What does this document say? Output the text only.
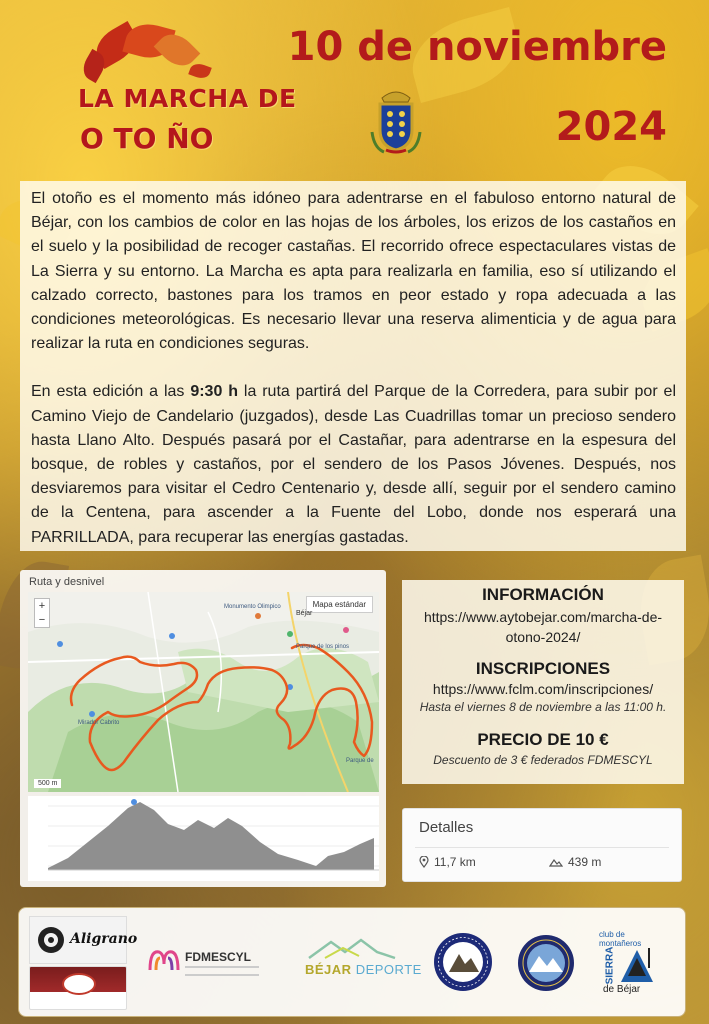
LA MARCHA DE
O TO ÑO
10 de noviembre
2024

El otoño es el momento más idóneo para adentrarse en el fabuloso entorno natural de Béjar, con los cambios de color en las hojas de los árboles, los erizos de los castaños en el suelo y la posibilidad de recoger castañas. El recorrido ofrece espectaculares vistas de La Sierra y su entorno. La Marcha es apta para realizarla en familia, eso sí utilizando el calzado correcto, bastones para los tramos en peor estado y ropa adecuada a las condiciones meteorológicas. Es necesario llevar una reserva alimenticia y de agua para realizar la ruta en condiciones seguras.

En esta edición a las 9:30 h la ruta partirá del Parque de la Corredera, para subir por el Camino Viejo de Candelario (juzgados), desde Las Cuadrillas tomar un precioso sendero hasta Llano Alto. Después pasará por el Castañar, para adentrarse en la espesura del bosque, de robles y castaños, por el sendero de los Pasos Jóvenes. Después, nos desviaremos para visitar el Cedro Centenario y, desde allí, seguir por el sendero camino de la Centena, para ascender a la Fuente del Lobo, donde nos esperará una PARRILLADA, para recuperar las energías gastadas.

Ruta y desnivel
+
−
Mapa estándar
500 m
Béjar
Monumento Olimpico
Parque de los pinos
Mirador Cabrito
Parque de
INFORMACIÓN
https://www.aytobejar.com/marcha-de-otono-2024/
INSCRIPCIONES
https://www.fclm.com/inscripciones/
Hasta el viernes 8 de noviembre a las 11:00 h.
PRECIO DE 10 €
Descuento de 3 € federados FDMESCYL
Detalles
11,7 km	439 m
Aligrano
FDMESCYL
BÉJAR DEPORTE
club de
montañeros
SIERRA
de Béjar
